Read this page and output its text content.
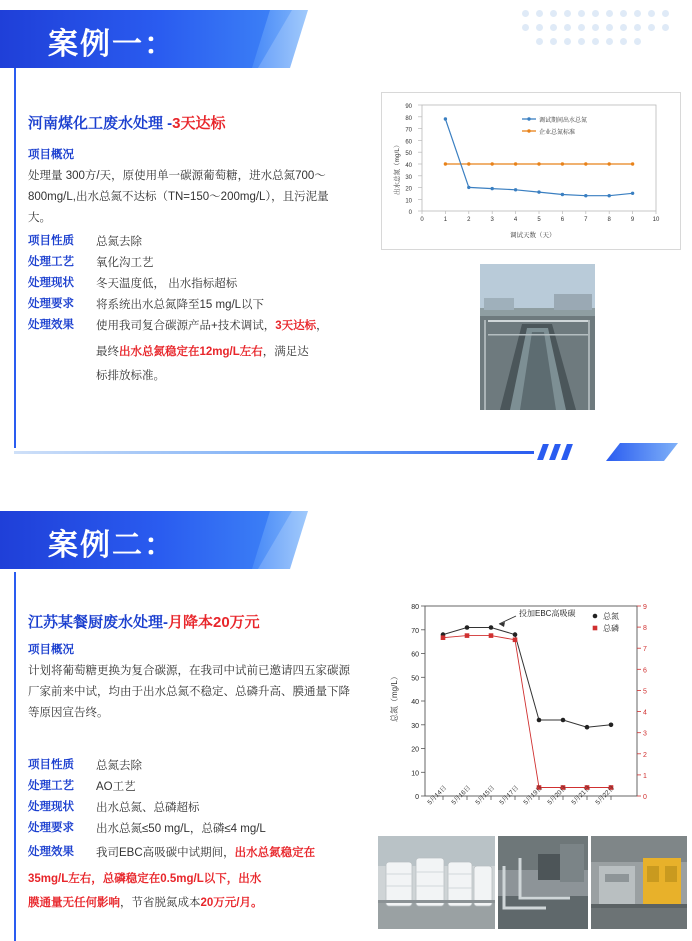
案例一：
河南煤化工废水处理 -3天达标
项目概况
处理量 300方/天，原使用单一碳源葡萄糖，进水总氮700～800mg/L,出水总氮不达标（TN=150～200mg/L），且污泥量大。
项目性质 总氮去除
处理工艺 氧化沟工艺
处理现状 冬天温度低， 出水指标超标
处理要求 将系统出水总氮降至15 mg/L以下
处理效果 使用我司复合碳源产品+技术调试，3天达标，
最终出水总氮稳定在12mg/L左右，满足达
标排放标准。
90
80
70
60
50
40
30
20
10
0
0	1	2	3	4	5	6	7	8	9	10
调试期间出水总氮
企业总氮标准
出水总氮（mg/L）
调试天数（天）
案例二：
江苏某餐厨废水处理-月降本20万元
项目概况
计划将葡萄糖更换为复合碳源，在我司中试前已邀请四五家碳源厂家前来中试，均由于出水总氮不稳定、总磷升高、膜通量下降等原因宣告终。
项目性质 总氮去除
处理工艺 AO工艺
处理现状 出水总氮、总磷超标
处理要求 出水总氮≤50 mg/L，总磷≤4 mg/L
处理效果 我司EBC高吸碳中试期间，出水总氮稳定在
35mg/L左右，总磷稳定在0.5mg/L以下，出水
膜通量无任何影响，节省脱氮成本20万元/月。
80
70
60
50
40
30
20
10
0
9
8
7
6
5
4
3
2
1
0
投加EBC高吸碳	总氮
总磷
总氮（mg/L）
5月14日 5月16日 5月15日 5月17日 5月19日 5月20日 5月21日 5月22日
